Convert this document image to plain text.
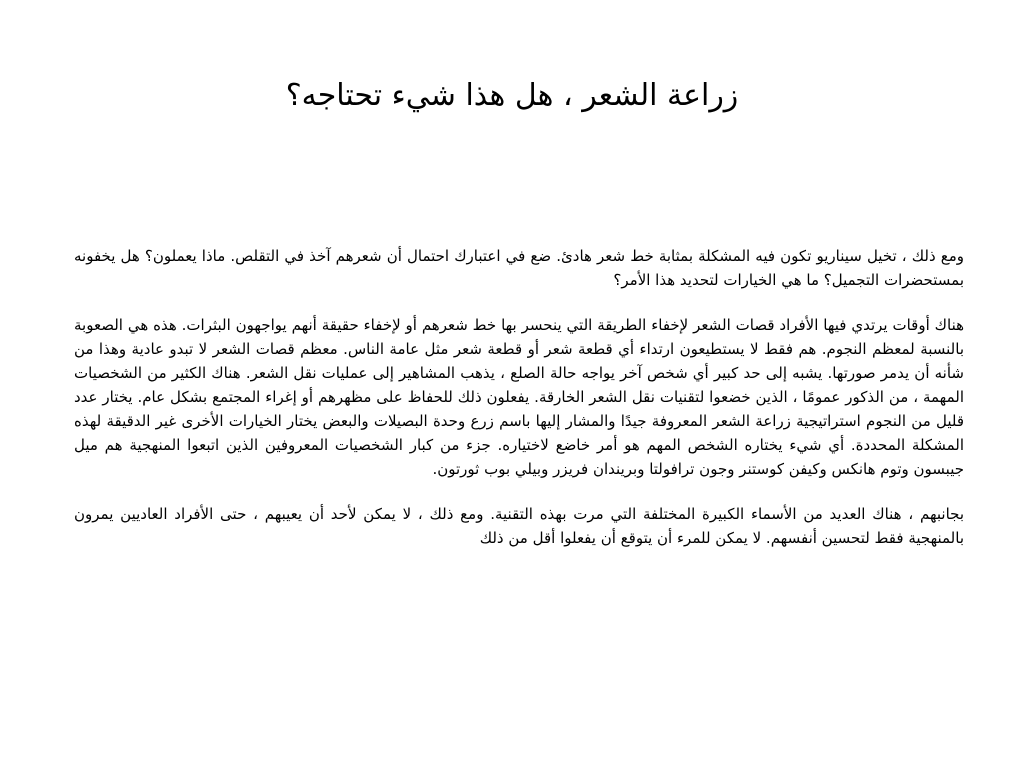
زراعة الشعر ، هل هذا شيء تحتاجه؟

ومع ذلك ، تخيل سيناريو تكون فيه المشكلة بمثابة خط شعر هادئ. ضع في اعتبارك احتمال أن شعرهم آخذ في التقلص. ماذا يعملون؟ هل يخفونه بمستحضرات التجميل؟ ما هي الخيارات لتحديد هذا الأمر؟

هناك أوقات يرتدي فيها الأفراد قصات الشعر لإخفاء الطريقة التي ينحسر بها خط شعرهم أو لإخفاء حقيقة أنهم يواجهون البثرات. هذه هي الصعوبة بالنسبة لمعظم النجوم. هم فقط لا يستطيعون ارتداء أي قطعة شعر أو قطعة شعر مثل عامة الناس. معظم قصات الشعر لا تبدو عادية وهذا من شأنه أن يدمر صورتها. يشبه إلى حد كبير أي شخص آخر يواجه حالة الصلع ، يذهب المشاهير إلى عمليات نقل الشعر. هناك الكثير من الشخصيات المهمة ، من الذكور عمومًا ، الذين خضعوا لتقنيات نقل الشعر الخارقة. يفعلون ذلك للحفاظ على مظهرهم أو إغراء المجتمع بشكل عام. يختار عدد قليل من النجوم استراتيجية زراعة الشعر المعروفة جيدًا والمشار إليها باسم زرع وحدة البصيلات والبعض يختار الخيارات الأخرى غير الدقيقة لهذه المشكلة المحددة. أي شيء يختاره الشخص المهم هو أمر خاضع لاختياره. جزء من كبار الشخصيات المعروفين الذين اتبعوا المنهجية هم ميل جيبسون وتوم هانكس وكيفن كوستنر وجون ترافولتا وبريندان فريزر وبيلي بوب ثورتون.

بجانبهم ، هناك العديد من الأسماء الكبيرة المختلفة التي مرت بهذه التقنية. ومع ذلك ، لا يمكن لأحد أن يعيبهم ، حتى الأفراد العاديين يمرون بالمنهجية فقط لتحسين أنفسهم. لا يمكن للمرء أن يتوقع أن يفعلوا أقل من ذلك
